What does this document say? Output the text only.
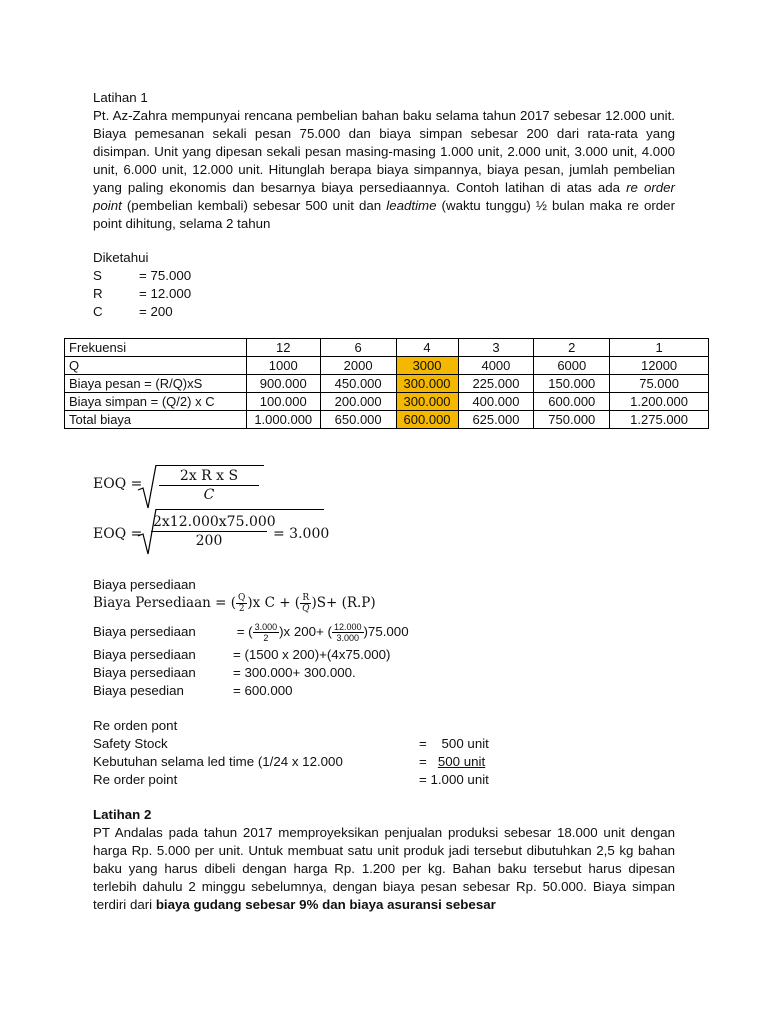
Latihan 1
Pt. Az-Zahra mempunyai rencana pembelian bahan baku selama tahun 2017 sebesar 12.000 unit. Biaya pemesanan sekali pesan 75.000 dan biaya simpan sebesar 200 dari rata-rata yang disimpan. Unit yang dipesan sekali pesan masing-masing 1.000 unit, 2.000 unit, 3.000 unit, 4.000 unit, 6.000 unit, 12.000 unit. Hitunglah berapa biaya simpannya, biaya pesan, jumlah pembelian yang paling ekonomis dan besarnya biaya persediaannya. Contoh latihan di atas ada re order point (pembelian kembali) sebesar 500 unit dan leadtime (waktu tunggu) ½ bulan maka re order point dihitung, selama 2 tahun
Diketahui
S	= 75.000
R	= 12.000
C	= 200
Frekuensi	12	6	4	3	2	1
Q	1000	2000	3000	4000	6000	12000
Biaya pesan = (R/Q)xS	900.000	450.000	300.000	225.000	150.000	75.000
Biaya simpan = (Q/2) x C	100.000	200.000	300.000	400.000	600.000	1.200.000
Total biaya	1.000.000	650.000	600.000	625.000	750.000	1.275.000
EOQ = $\frac{\text{2x R x S}}{C}$
EOQ = $\frac{2x12.000x75.000}{200} = 3.000$
Biaya persediaan
Biaya Persediaan = ( $\frac{Q}{2} )x$ C + ( $\frac{R}{Q} )S+ (R.P)$
Biaya persediaan	= ( $\frac{3.000}{2} )x$ 200+ ( $\frac{12.000}{3.000} )75.000$
Biaya persediaan	= (1500 x 200)+(4x75.000)
Biaya persediaan	= 300.000+ 300.000.
Biaya pesedian	= 600.000
Re orden pont
Safety Stock	=    500 unit
Kebutuhan selama led time (1/24 x 12.000	= 500 unit
Re order point	= 1.000 unit
Latihan 2
PT Andalas pada tahun 2017 memproyeksikan penjualan produksi sebesar 18.000 unit dengan harga Rp. 5.000 per unit. Untuk membuat satu unit produk jadi tersebut dibutuhkan 2,5 kg bahan baku yang harus dibeli dengan harga Rp. 1.200 per kg. Bahan baku tersebut harus dipesan terlebih dahulu 2 minggu sebelumnya, dengan biaya pesan sebesar Rp. 50.000. Biaya simpan terdiri dari biaya gudang sebesar 9% dan biaya asuransi sebesar
